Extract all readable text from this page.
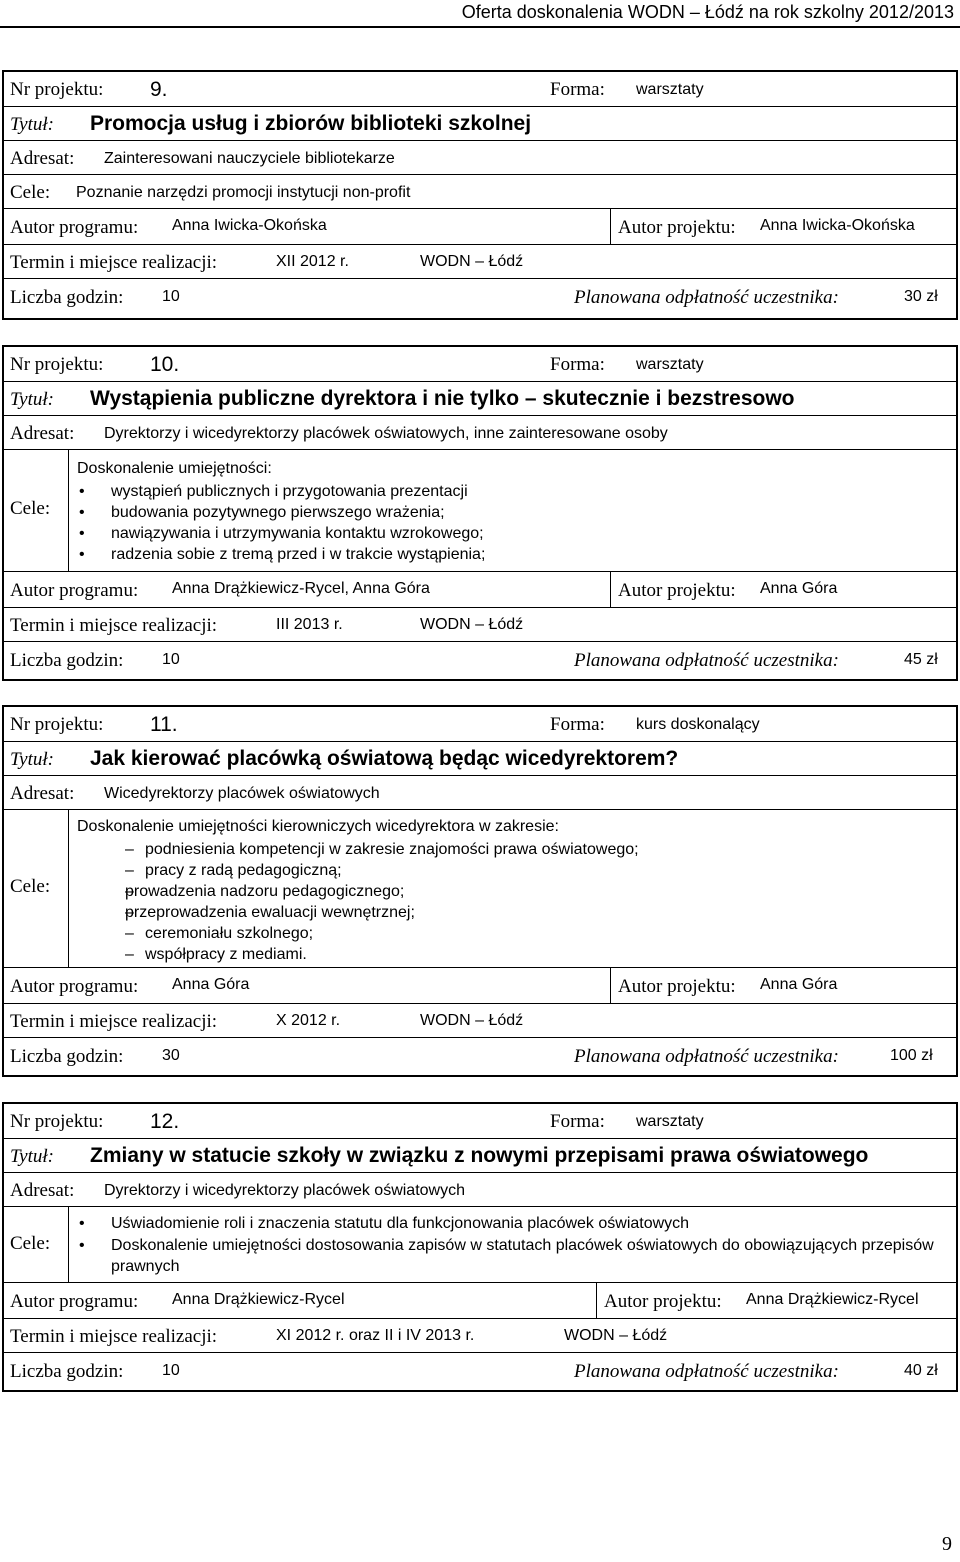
Oferta doskonalenia WODN – Łódź na rok szkolny 2012/2013
Nr projektu: 9.	Forma: warsztaty
Tytuł: Promocja usług i zbiorów biblioteki szkolnej
Adresat: Zainteresowani nauczyciele bibliotekarze
Cele: Poznanie narzędzi promocji instytucji non-profit
Autor programu: Anna Iwicka-Okońska	Autor projektu: Anna Iwicka-Okońska
Termin i miejsce realizacji:	XII 2012 r.	WODN – Łódź
Liczba godzin: 10	Planowana odpłatność uczestnika:	30 zł
Nr projektu: 10.	Forma: warsztaty
Tytuł: Wystąpienia publiczne dyrektora i nie tylko – skutecznie i bezstresowo
Adresat: Dyrektorzy i wicedyrektorzy placówek oświatowych, inne zainteresowane osoby
Cele:
Doskonalenie umiejętności:
• wystąpień publicznych i przygotowania prezentacji
• budowania pozytywnego pierwszego wrażenia;
• nawiązywania i utrzymywania kontaktu wzrokowego;
• radzenia sobie z tremą przed i w trakcie wystąpienia;
Autor programu: Anna Drążkiewicz-Rycel, Anna Góra	Autor projektu: Anna Góra
Termin i miejsce realizacji:	III 2013 r.	WODN – Łódź
Liczba godzin: 10	Planowana odpłatność uczestnika:	45 zł
Nr projektu: 11.	Forma: kurs doskonalący
Tytuł: Jak kierować placówką oświatową będąc wicedyrektorem?
Adresat: Wicedyrektorzy placówek oświatowych
Cele:
Doskonalenie umiejętności kierowniczych wicedyrektora w zakresie:
– podniesienia kompetencji w zakresie znajomości prawa oświatowego;
– pracy z radą pedagogiczną;
– prowadzenia nadzoru pedagogicznego;
– przeprowadzenia ewaluacji wewnętrznej;
– ceremoniału szkolnego;
– współpracy z mediami.
Autor programu: Anna Góra	Autor projektu: Anna Góra
Termin i miejsce realizacji:	X 2012 r.	WODN – Łódź
Liczba godzin: 30	Planowana odpłatność uczestnika:	100 zł
Nr projektu: 12.	Forma: warsztaty
Tytuł: Zmiany w statucie szkoły w związku z nowymi przepisami prawa oświatowego
Adresat: Dyrektorzy i wicedyrektorzy placówek oświatowych
Cele:
• Uświadomienie roli i znaczenia statutu dla funkcjonowania placówek oświatowych
• Doskonalenie umiejętności dostosowania zapisów w statutach placówek oświatowych do obowiązujących przepisów prawnych
Autor programu: Anna Drążkiewicz-Rycel	Autor projektu: Anna Drążkiewicz-Rycel
Termin i miejsce realizacji:	XI 2012 r. oraz II i IV 2013 r.	WODN – Łódź
Liczba godzin: 10	Planowana odpłatność uczestnika:	40 zł
9
